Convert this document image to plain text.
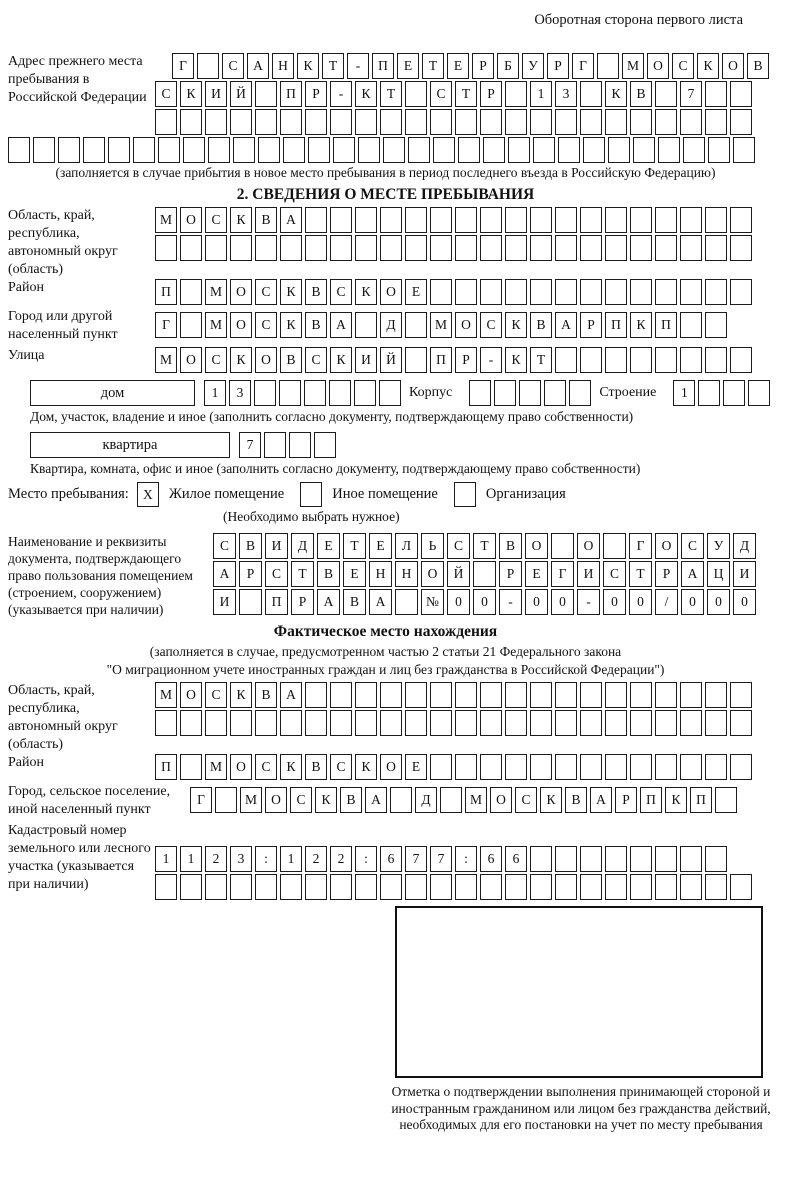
Оборотная сторона первого листа
Адрес прежнего места пребывания в Российской Федерации
Г	С	А	Н	К	Т	-	П	Е	Т	Е	Р	Б	У	Р	Г	М	О	С	К	О	В
С	К	И	Й	П	Р	-	К	Т	С	Т	Р	1	3	К	В	7
(заполняется в случае прибытия в новое место пребывания в период последнего въезда в Российскую Федерацию)
2. СВЕДЕНИЯ О МЕСТЕ ПРЕБЫВАНИЯ
Область, край, республика, автономный округ (область)
М	О	С	К	В	А
Район	П	М	О	С	К	В	С	К	О	Е
Город или другой населенный пункт
Г	М	О	С	К	В	А	Д	М	О	С	К	В	А	Р	П	К	П
Улица	М	О	С	К	О	В	С	К	И	Й	П	Р	-	К	Т
дом	1	3	Корпус	Строение	1
Дом, участок, владение и иное (заполнить согласно документу, подтверждающему право собственности)
квартира	7
Квартира, комната, офис и иное (заполнить согласно документу, подтверждающему право собственности)
Место пребывания:	X	Жилое помещение	Иное помещение	Организация
(Необходимо выбрать нужное)
Наименование и реквизиты документа, подтверждающего право пользования помещением (строением, сооружением) (указывается при наличии)
С	В	И	Д	Е	Т	Е	Л	Ь	С	Т	В	О	О	Г	О	С	У	Д
А	Р	С	Т	В	Е	Н	Н	О	Й	Р	Е	Г	И	С	Т	Р	А	Ц	И
И	П	Р	А	В	А	№	0	0	-	0	0	-	0	0	/	0	0	0
Фактическое место нахождения
(заполняется в случае, предусмотренном частью 2 статьи 21 Федерального закона
"О миграционном учете иностранных граждан и лиц без гражданства в Российской Федерации")
Область, край, республика, автономный округ (область)
М	О	С	К	В	А
Район	П	М	О	С	К	В	С	К	О	Е
Город, сельское поселение, иной населенный пункт
Г	М	О	С	К	В	А	Д	М	О	С	К	В	А	Р	П	К	П
Кадастровый номер земельного или лесного участка (указывается при наличии)
1	1	2	3	:	1	2	2	:	6	7	7	:	6	6
Отметка о подтверждении выполнения принимающей стороной и иностранным гражданином или лицом без гражданства действий, необходимых для его постановки на учет по месту пребывания
